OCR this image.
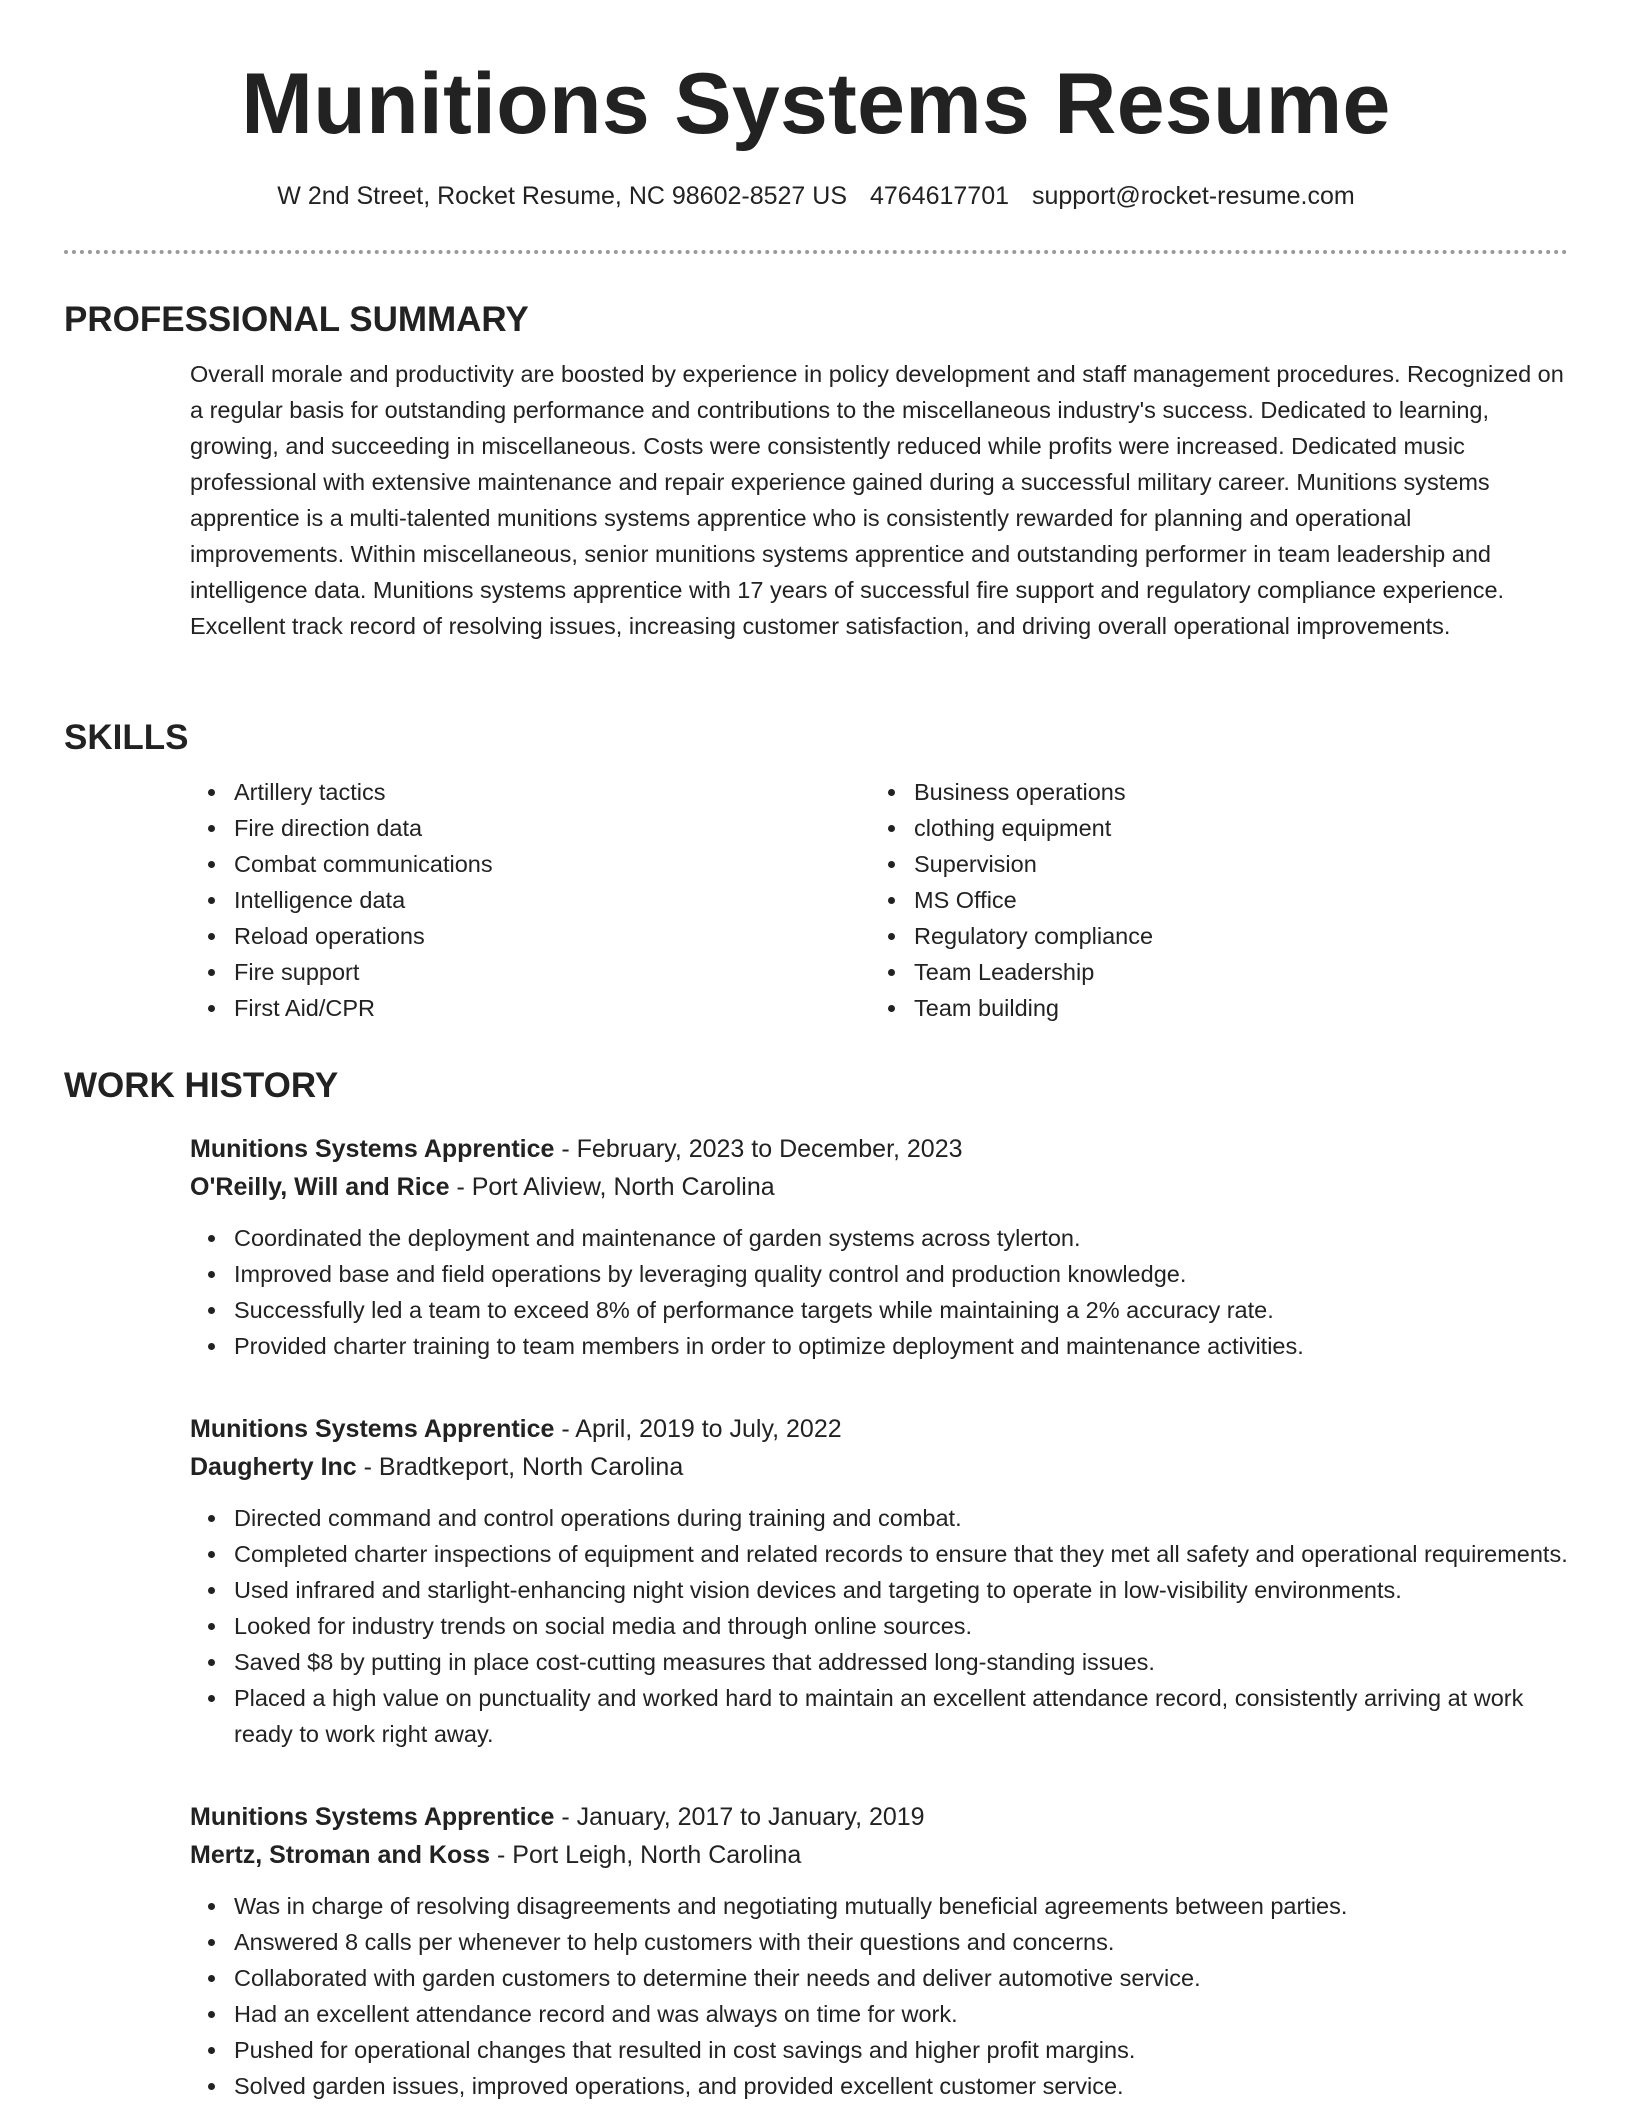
Munitions Systems Resume
W 2nd Street, Rocket Resume, NC 98602-8527 US 4764617701 support@rocket-resume.com
PROFESSIONAL SUMMARY

Overall morale and productivity are boosted by experience in policy development and staff management procedures. Recognized on a regular basis for outstanding performance and contributions to the miscellaneous industry's success. Dedicated to learning, growing, and succeeding in miscellaneous. Costs were consistently reduced while profits were increased. Dedicated music professional with extensive maintenance and repair experience gained during a successful military career. Munitions systems apprentice is a multi-talented munitions systems apprentice who is consistently rewarded for planning and operational improvements. Within miscellaneous, senior munitions systems apprentice and outstanding performer in team leadership and intelligence data. Munitions systems apprentice with 17 years of successful fire support and regulatory compliance experience. Excellent track record of resolving issues, increasing customer satisfaction, and driving overall operational improvements.

SKILLS
Artillery tactics
Fire direction data
Combat communications
Intelligence data
Reload operations
Fire support
First Aid/CPR
Business operations
clothing equipment
Supervision
MS Office
Regulatory compliance
Team Leadership
Team building
WORK HISTORY
Munitions Systems Apprentice - February, 2023 to December, 2023
O'Reilly, Will and Rice - Port Aliview, North Carolina
Coordinated the deployment and maintenance of garden systems across tylerton.
Improved base and field operations by leveraging quality control and production knowledge.
Successfully led a team to exceed 8% of performance targets while maintaining a 2% accuracy rate.
Provided charter training to team members in order to optimize deployment and maintenance activities.
Munitions Systems Apprentice - April, 2019 to July, 2022
Daugherty Inc - Bradtkeport, North Carolina
Directed command and control operations during training and combat.
Completed charter inspections of equipment and related records to ensure that they met all safety and operational requirements.
Used infrared and starlight-enhancing night vision devices and targeting to operate in low-visibility environments.
Looked for industry trends on social media and through online sources.
Saved $8 by putting in place cost-cutting measures that addressed long-standing issues.
Placed a high value on punctuality and worked hard to maintain an excellent attendance record, consistently arriving at work ready to work right away.
Munitions Systems Apprentice - January, 2017 to January, 2019
Mertz, Stroman and Koss - Port Leigh, North Carolina
Was in charge of resolving disagreements and negotiating mutually beneficial agreements between parties.
Answered 8 calls per whenever to help customers with their questions and concerns.
Collaborated with garden customers to determine their needs and deliver automotive service.
Had an excellent attendance record and was always on time for work.
Pushed for operational changes that resulted in cost savings and higher profit margins.
Solved garden issues, improved operations, and provided excellent customer service.
